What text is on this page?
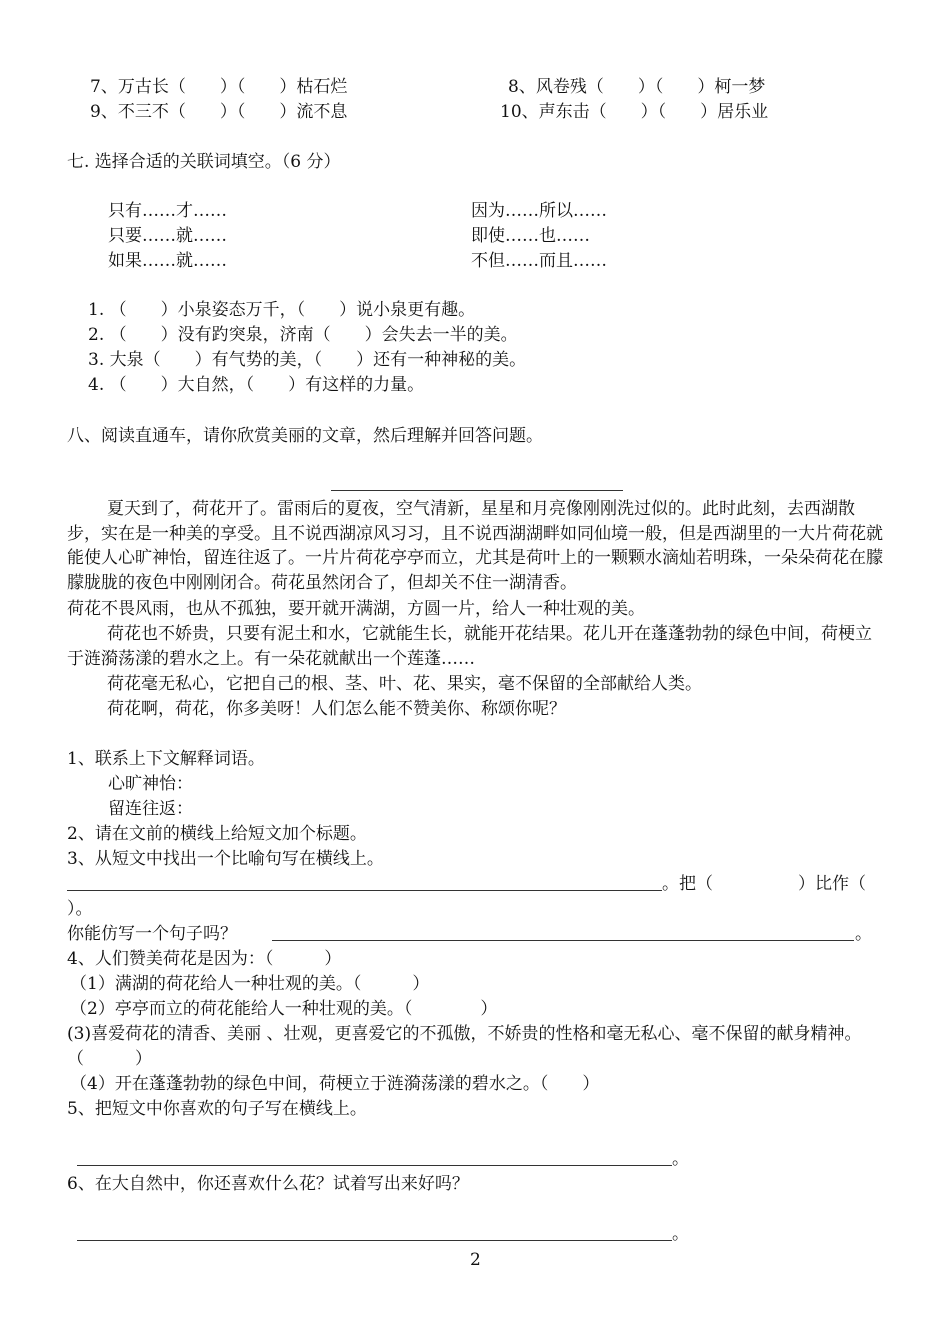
7、万古长（　　）（　　）枯石烂	8、风卷残（　　）（　　）柯一梦
9、不三不（　　）（　　）流不息	10、声东击（　　）（　　）居乐业
七. 选择合适的关联词填空。（6 分）
只有……才……	因为……所以……
只要……就……	即使……也……
如果……就……	不但……而且……
1. （　　）小泉姿态万千，（　　）说小泉更有趣。
2. （　　）没有趵突泉，济南（　　）会失去一半的美。
3. 大泉（　　）有气势的美，（　　）还有一种神秘的美。
4. （　　）大自然，（　　）有这样的力量。
八、阅读直通车，请你欣赏美丽的文章，然后理解并回答问题。
夏天到了，荷花开了。雷雨后的夏夜，空气清新，星星和月亮像刚刚洗过似的。此时此刻，去西湖散步，实在是一种美的享受。且不说西湖凉风习习，且不说西湖湖畔如同仙境一般，但是西湖里的一大片荷花就能使人心旷神怡，留连往返了。一片片荷花亭亭而立，尤其是荷叶上的一颗颗水滴灿若明珠，一朵朵荷花在朦朦胧胧的夜色中刚刚闭合。荷花虽然闭合了，但却关不住一湖清香。
荷花不畏风雨，也从不孤独，要开就开满湖，方圆一片，给人一种壮观的美。
荷花也不娇贵，只要有泥土和水，它就能生长，就能开花结果。花儿开在蓬蓬勃勃的绿色中间，荷梗立于涟漪荡漾的碧水之上。有一朵花就献出一个莲蓬……
荷花毫无私心，它把自己的根、茎、叶、花、果实，毫不保留的全部献给人类。
荷花啊，荷花，你多美呀！人们怎么能不赞美你、称颂你呢？
1、联系上下文解释词语。
心旷神怡：
留连往返：
2、请在文前的横线上给短文加个标题。
3、从短文中找出一个比喻句写在横线上。
。把（　　　　　）比作（
）。
你能仿写一个句子吗？	。
4、人们赞美荷花是因为：（　　　）
（1）满湖的荷花给人一种壮观的美。（　　　）
（2）亭亭而立的荷花能给人一种壮观的美。（　　　　）
(3)喜爱荷花的清香、美丽 、壮观，更喜爱它的不孤傲，不娇贵的性格和毫无私心、毫不保留的献身精神。（　　　）
（4）开在蓬蓬勃勃的绿色中间，荷梗立于涟漪荡漾的碧水之。（　　）
5、把短文中你喜欢的句子写在横线上。
。
6、在大自然中，你还喜欢什么花？试着写出来好吗？
。
2
